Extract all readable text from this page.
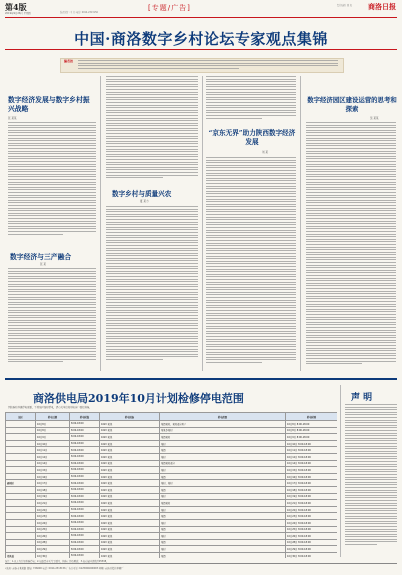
第4版
2019年9月26日 星期四	版式设计: 王 伟 电话: 0914-2313156
[专题/广告]	责任编辑: 屈 岚 商洛日报
中国·商洛数字乡村论坛专家观点集锦
编者按
数字经济发展与数字乡村振兴战略
张 某某
数字经济与三产融合
张 某
数字乡村与质量兴农
夏 某力
“京东无界”助力陕西数字经济发展
刘 某
数字经济园区建设运营的思考和探索
吴 某某
商洛供电局2019年10月计划检修停电范围
因检修和基建停电需要，下列地区按时停电，请有关单位和用电客户做好准备。
县区	停电日期	停电时段	停电设备	停电范围	停电时间
	10月8日	8:00-18:00	10kV 某线	某镇某村、某村部分用户	10月8日 8:00-18:00
	10月8日	8:00-18:00	10kV 某线	某某乡某村	10月8日 8:00-18:00
	10月9日	8:00-18:00	10kV 某线	某镇某村	10月9日 8:00-18:00
	10月10日	8:00-18:00	10kV 某线	某村	10月10日 8:00-18:00
	10月11日	8:00-18:00	10kV 某线	某镇	10月11日 8:00-18:00
	10月12日	8:00-18:00	10kV 某线	某村	10月12日 8:00-18:00
	10月14日	8:00-18:00	10kV 某线	某镇某村部分	10月14日 8:00-18:00
	10月15日	8:00-18:00	10kV 某线	某村	10月15日 8:00-18:00
	10月16日	8:00-18:00	10kV 某线	某镇	10月16日 8:00-18:00
商州区	10月17日	8:00-18:00	10kV 某线	某村、某村	10月17日 8:00-18:00
	10月18日	8:00-18:00	10kV 某线	某镇	10月18日 8:00-18:00
	10月19日	8:00-18:00	10kV 某线	某村	10月19日 8:00-18:00
	10月21日	8:00-18:00	10kV 某线	某镇某村	10月21日 8:00-18:00
	10月22日	8:00-18:00	10kV 某线	某村	10月22日 8:00-18:00
	10月23日	8:00-18:00	10kV 某线	某镇	10月23日 8:00-18:00
	10月24日	8:00-18:00	10kV 某线	某村	10月24日 8:00-18:00
	10月25日	8:00-18:00	10kV 某线	某镇	10月25日 8:00-18:00
	10月26日	8:00-18:00	10kV 某线	某村	10月26日 8:00-18:00
	10月28日	8:00-18:00	10kV 某线	某镇	10月28日 8:00-18:00
	10月29日	8:00-18:00	10kV 某线	某村	10月29日 8:00-18:00
丹凤县	10月30日	8:00-18:00	10kV 某线	某镇	10月30日 8:00-18:00

备注：1.以上为计划检修停电；2.如遇恶劣天气等原因，检修工作将顺延；3.如有疑问请拨打95598。
声 明
•地址: 商洛市某某路 邮编: 726000 电话: 0914-2313156 广告许可证: 6125004000003 印刷: 商洛日报社印刷厂
